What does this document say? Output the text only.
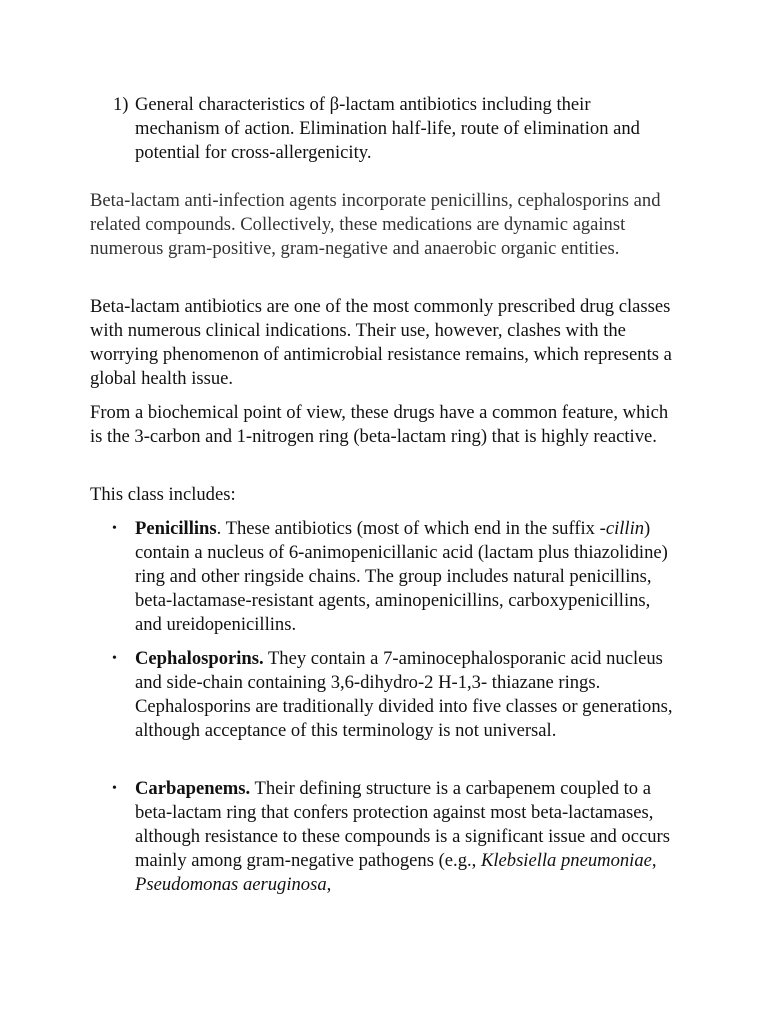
1) General characteristics of β-lactam antibiotics including their mechanism of action. Elimination half-life, route of elimination and potential for cross-allergenicity.

Beta-lactam anti-infection agents incorporate penicillins, cephalosporins and related compounds. Collectively, these medications are dynamic against numerous gram-positive, gram-negative and anaerobic organic entities.

Beta-lactam antibiotics are one of the most commonly prescribed drug classes with numerous clinical indications. Their use, however, clashes with the worrying phenomenon of antimicrobial resistance remains, which represents a global health issue.

From a biochemical point of view, these drugs have a common feature, which is the 3-carbon and 1-nitrogen ring (beta-lactam ring) that is highly reactive.

This class includes:

• Penicillins. These antibiotics (most of which end in the suffix -cillin) contain a nucleus of 6-animopenicillanic acid (lactam plus thiazolidine) ring and other ringside chains. The group includes natural penicillins, beta-lactamase-resistant agents, aminopenicillins, carboxypenicillins, and ureidopenicillins.
• Cephalosporins. They contain a 7-aminocephalosporanic acid nucleus and side-chain containing 3,6-dihydro-2 H-1,3- thiazane rings. Cephalosporins are traditionally divided into five classes or generations, although acceptance of this terminology is not universal.
• Carbapenems. Their defining structure is a carbapenem coupled to a beta-lactam ring that confers protection against most beta-lactamases, although resistance to these compounds is a significant issue and occurs mainly among gram-negative pathogens (e.g., Klebsiella pneumoniae, Pseudomonas aeruginosa,
